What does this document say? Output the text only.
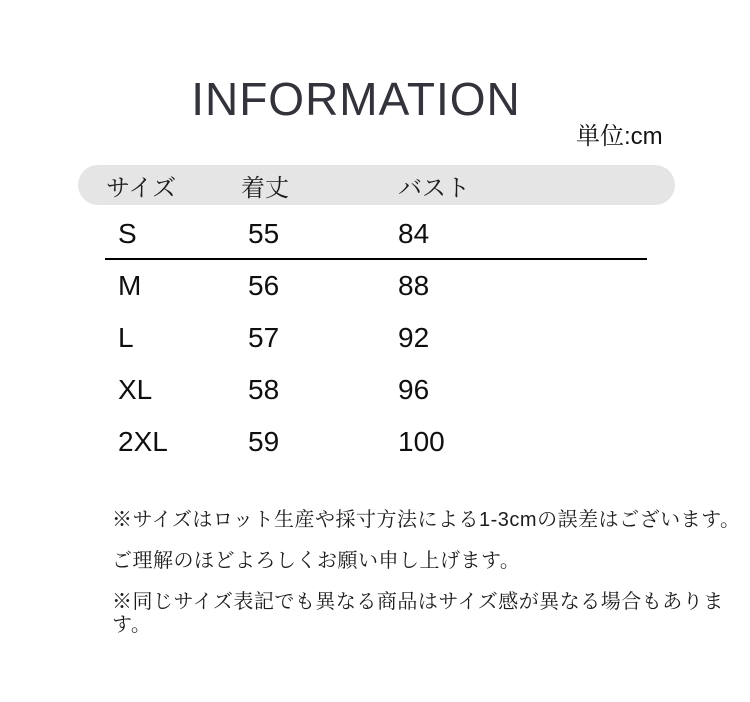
INFORMATION
単位:cm
サイズ	着丈	バスト
S	55	84
M	56	88
L	57	92
XL	58	96
2XL	59	100

※サイズはロット生産や採寸方法による1-3cmの誤差はございます。

ご理解のほどよろしくお願い申し上げます。

※同じサイズ表記でも異なる商品はサイズ感が異なる場合もあります。
